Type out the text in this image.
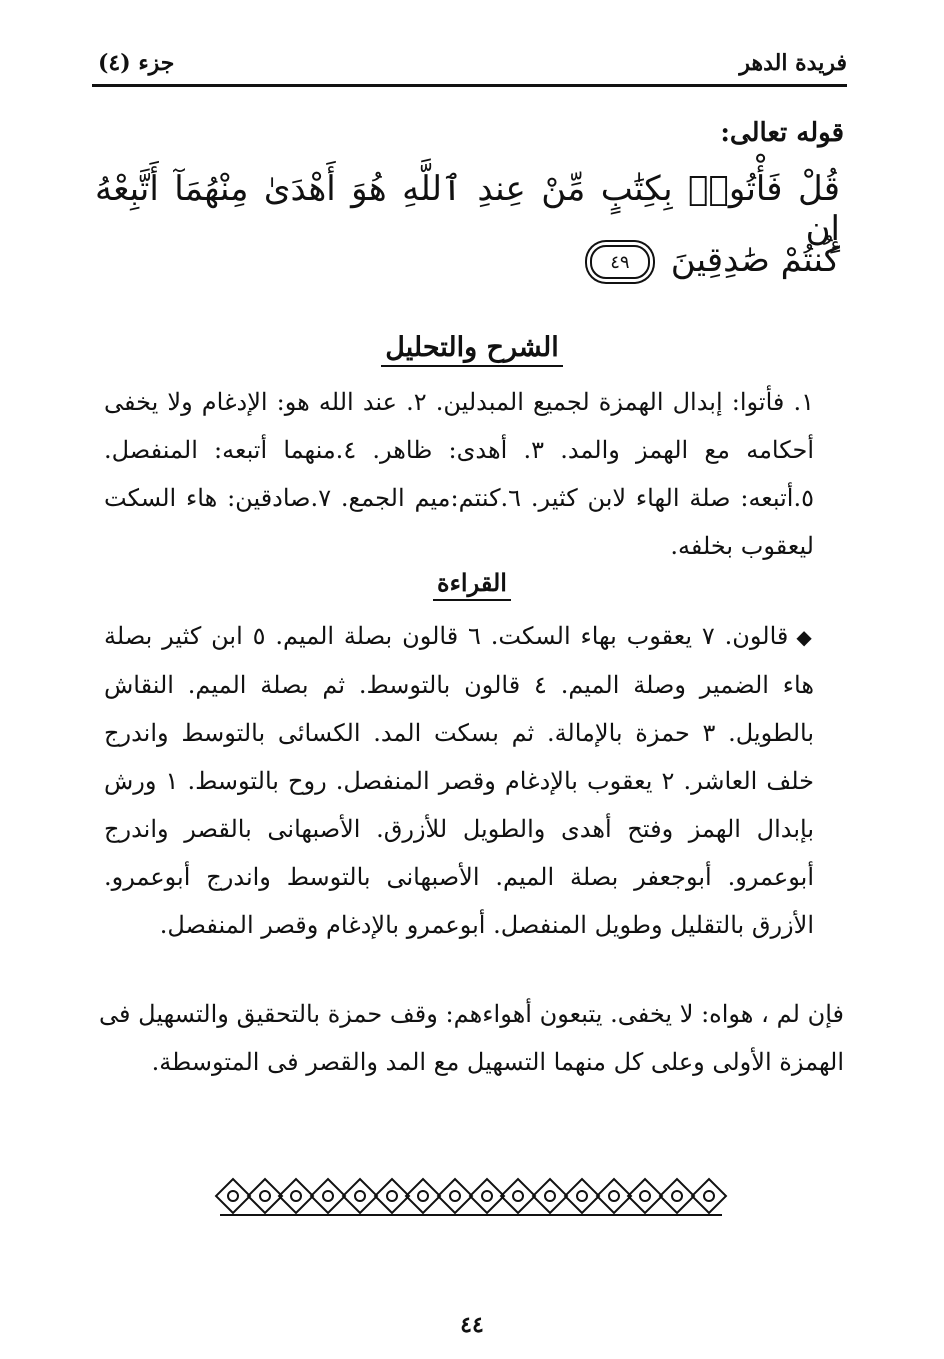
فريدة الدهر
جزء (٤)
قوله تعالى:
قُلْ فَأْتُوا۟ بِكِتَٰبٍ مِّنْ عِندِ ٱللَّهِ هُوَ أَهْدَىٰ مِنْهُمَآ أَتَّبِعْهُ إِن
كُنتُمْ صَٰدِقِينَ ٤٩
الشرح والتحليل
١. فأتوا: إبدال الهمزة لجميع المبدلين. ٢. عند الله هو: الإدغام ولا يخفى أحكامه مع الهمز والمد. ٣. أهدى: ظاهر. ٤.منهما أتبعه: المنفصل. ٥.أتبعه: صلة الهاء لابن كثير. ٦.كنتم:ميم الجمع. ٧.صادقين: هاء السكت ليعقوب بخلفه.
القراءة
◆قالون. ٧ يعقوب بهاء السكت. ٦ قالون بصلة الميم. ٥ ابن كثير بصلة هاء الضمير وصلة الميم. ٤ قالون بالتوسط. ثم بصلة الميم. النقاش بالطويل. ٣ حمزة بالإمالة. ثم بسكت المد. الكسائى بالتوسط واندرج خلف العاشر. ٢ يعقوب بالإدغام وقصر المنفصل. روح بالتوسط. ١ ورش بإبدال الهمز وفتح أهدى والطويل للأزرق. الأصبهانى بالقصر واندرج أبوعمرو. أبوجعفر بصلة الميم. الأصبهانى بالتوسط واندرج أبوعمرو. الأزرق بالتقليل وطويل المنفصل. أبوعمرو بالإدغام وقصر المنفصل.
فإن لم ، هواه: لا يخفى. يتبعون أهواءهم: وقف حمزة بالتحقيق والتسهيل فى الهمزة الأولى وعلى كل منهما التسهيل مع المد والقصر فى المتوسطة.
٤٤
